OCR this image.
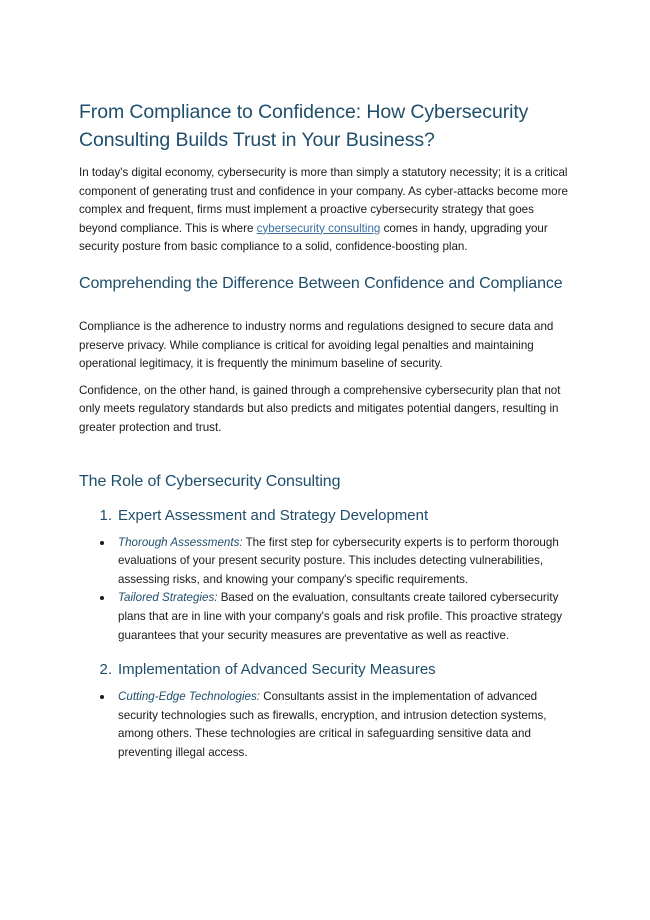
From Compliance to Confidence: How Cybersecurity Consulting Builds Trust in Your Business?

In today's digital economy, cybersecurity is more than simply a statutory necessity; it is a critical component of generating trust and confidence in your company. As cyber-attacks become more complex and frequent, firms must implement a proactive cybersecurity strategy that goes beyond compliance. This is where cybersecurity consulting comes in handy, upgrading your security posture from basic compliance to a solid, confidence-boosting plan.

Comprehending the Difference Between Confidence and Compliance

Compliance is the adherence to industry norms and regulations designed to secure data and preserve privacy. While compliance is critical for avoiding legal penalties and maintaining operational legitimacy, it is frequently the minimum baseline of security.

Confidence, on the other hand, is gained through a comprehensive cybersecurity plan that not only meets regulatory standards but also predicts and mitigates potential dangers, resulting in greater protection and trust.

The Role of Cybersecurity Consulting
1. Expert Assessment and Strategy Development
Thorough Assessments: The first step for cybersecurity experts is to perform thorough evaluations of your present security posture. This includes detecting vulnerabilities, assessing risks, and knowing your company's specific requirements.
Tailored Strategies: Based on the evaluation, consultants create tailored cybersecurity plans that are in line with your company's goals and risk profile. This proactive strategy guarantees that your security measures are preventative as well as reactive.
2. Implementation of Advanced Security Measures
Cutting-Edge Technologies: Consultants assist in the implementation of advanced security technologies such as firewalls, encryption, and intrusion detection systems, among others. These technologies are critical in safeguarding sensitive data and preventing illegal access.
